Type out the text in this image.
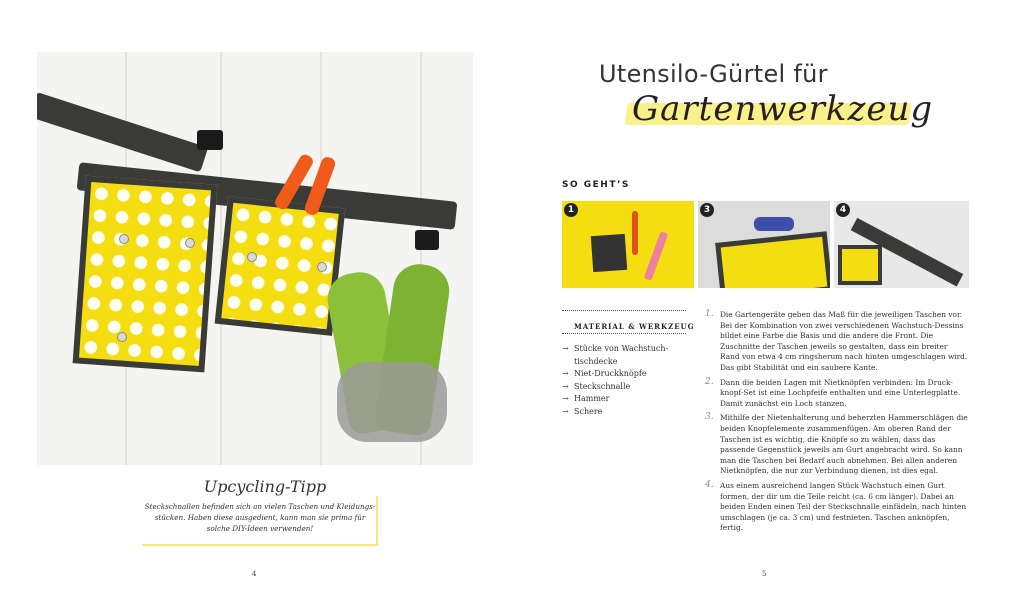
Upcycling-Tipp
Steckschnallen befinden sich an vielen Taschen und Kleidungsstücken. Haben diese ausgedient, kann man sie prima für solche DIY-Ideen verwenden!
4
Utensilo-Gürtel für
Gartenwerkzeug
SO GEHT’S
1	3	4
MATERIAL & WERKZEUG
→ Stücke von Wachstuch-tischdecke
→ Niet-Druckknöpfe
→ Steckschnalle
→ Hammer
→ Schere
1. Die Gartengeräte geben das Maß für die jeweiligen Taschen vor. Bei der Kombination von zwei verschiedenen Wachstuch-Dessins bildet eine Farbe die Basis und die andere die Front. Die Zuschnitte der Taschen jeweils so gestalten, dass ein breiter Rand von etwa 4 cm ringsherum nach hinten umgeschlagen wird. Das gibt Stabilität und ein saubere Kante.
2. Dann die beiden Lagen mit Nietknöpfen verbinden: Im Druck-knopf-Set ist eine Lochpfeife enthalten und eine Unterlegplatte. Damit zunächst ein Loch stanzen.
3. Mithilfe der Nietenhalterung und beherzten Hammerschlägen die beiden Knopfelemente zusammenfügen. Am oberen Rand der Taschen ist es wichtig, die Knöpfe so zu wählen, dass das passende Gegenstück jeweils am Gurt angebracht wird. So kann man die Taschen bei Bedarf auch abnehmen. Bei allen anderen Nietknöpfen, die nur zur Verbindung dienen, ist dies egal.
4. Aus einem ausreichend langen Stück Wachstuch einen Gurt formen, der dir um die Teile reicht (ca. 6 cm länger). Dabei an beiden Enden einen Teil der Steckschnalle einfädeln, nach hinten umschlagen (je ca. 3 cm) und festnieten. Taschen anknöpfen, fertig.
5
